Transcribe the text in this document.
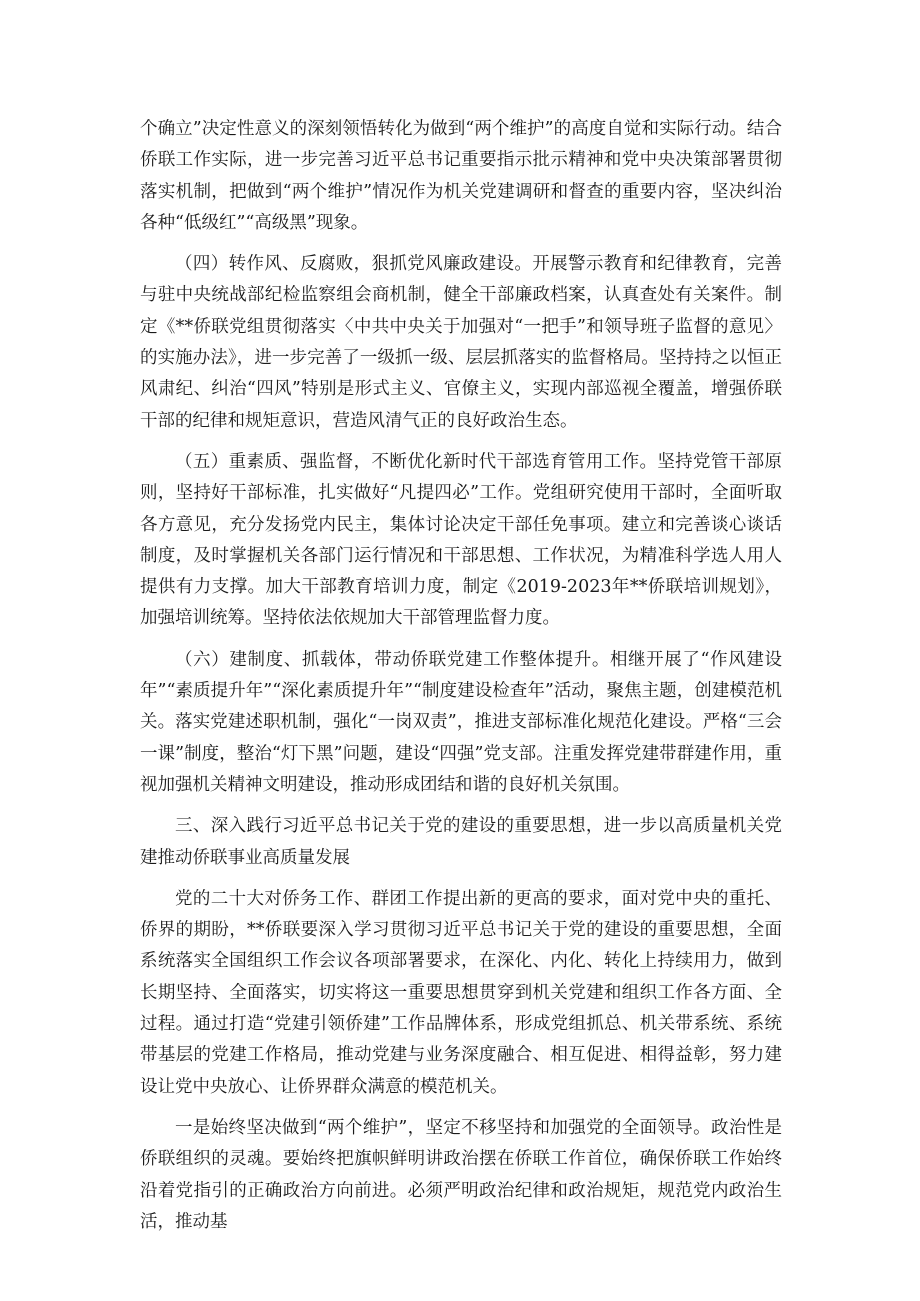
个确立”决定性意义的深刻领悟转化为做到“两个维护”的高度自觉和实际行动。结合侨联工作实际，进一步完善习近平总书记重要指示批示精神和党中央决策部署贯彻落实机制，把做到“两个维护”情况作为机关党建调研和督查的重要内容，坚决纠治各种“低级红”“高级黑”现象。

（四）转作风、反腐败，狠抓党风廉政建设。开展警示教育和纪律教育，完善与驻中央统战部纪检监察组会商机制，健全干部廉政档案，认真查处有关案件。制定《**侨联党组贯彻落实〈中共中央关于加强对“一把手”和领导班子监督的意见〉的实施办法》，进一步完善了一级抓一级、层层抓落实的监督格局。坚持持之以恒正风肃纪、纠治“四风”特别是形式主义、官僚主义，实现内部巡视全覆盖，增强侨联干部的纪律和规矩意识，营造风清气正的良好政治生态。

（五）重素质、强监督，不断优化新时代干部选育管用工作。坚持党管干部原则，坚持好干部标准，扎实做好“凡提四必”工作。党组研究使用干部时，全面听取各方意见，充分发扬党内民主，集体讨论决定干部任免事项。建立和完善谈心谈话制度，及时掌握机关各部门运行情况和干部思想、工作状况，为精准科学选人用人提供有力支撑。加大干部教育培训力度，制定《2019-2023年**侨联培训规划》，加强培训统筹。坚持依法依规加大干部管理监督力度。

（六）建制度、抓载体，带动侨联党建工作整体提升。相继开展了“作风建设年”“素质提升年”“深化素质提升年”“制度建设检查年”活动，聚焦主题，创建模范机关。落实党建述职机制，强化“一岗双责”，推进支部标准化规范化建设。严格“三会一课”制度，整治“灯下黑”问题，建设“四强”党支部。注重发挥党建带群建作用，重视加强机关精神文明建设，推动形成团结和谐的良好机关氛围。

三、深入践行习近平总书记关于党的建设的重要思想，进一步以高质量机关党建推动侨联事业高质量发展

党的二十大对侨务工作、群团工作提出新的更高的要求，面对党中央的重托、侨界的期盼，**侨联要深入学习贯彻习近平总书记关于党的建设的重要思想，全面系统落实全国组织工作会议各项部署要求，在深化、内化、转化上持续用力，做到长期坚持、全面落实，切实将这一重要思想贯穿到机关党建和组织工作各方面、全过程。通过打造“党建引领侨建”工作品牌体系，形成党组抓总、机关带系统、系统带基层的党建工作格局，推动党建与业务深度融合、相互促进、相得益彰，努力建设让党中央放心、让侨界群众满意的模范机关。

一是始终坚决做到“两个维护”，坚定不移坚持和加强党的全面领导。政治性是侨联组织的灵魂。要始终把旗帜鲜明讲政治摆在侨联工作首位，确保侨联工作始终沿着党指引的正确政治方向前进。必须严明政治纪律和政治规矩，规范党内政治生活，推动基
